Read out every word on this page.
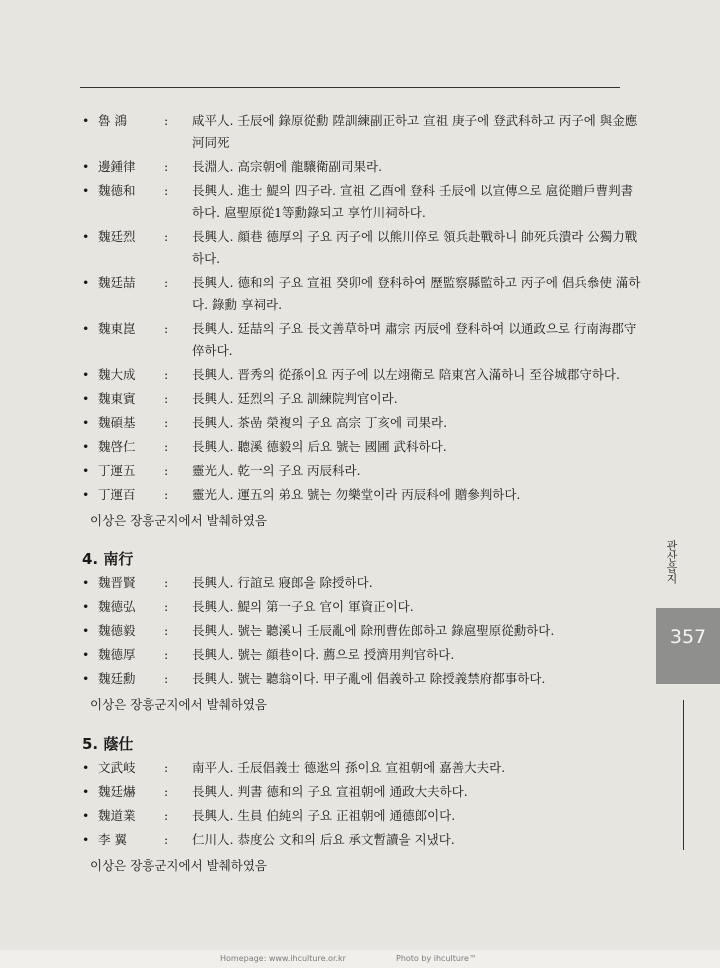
• 魯 鴻	: 咸平人. 壬辰에 錄原從勳 陞訓練副正하고 宣祖 庚子에 登武科하고 丙子에 與金應河同死
• 邊鍾律	: 長淵人. 高宗朝에 龍驤衛副司果라.
• 魏德和	: 長興人. 進士 鯷의 四子라. 宣祖 乙酉에 登科 壬辰에 以宣傳으로 扈從贈戶曹判書하다. 扈聖原從1等勳錄되고 享竹川祠하다.
• 魏廷烈	: 長興人. 顔巷 德厚의 子요 丙子에 以熊川倅로 領兵赴戰하니 帥死兵潰라 公獨力戰하다.
• 魏廷喆	: 長興人. 德和의 子요 宣祖 癸卯에 登科하여 歷監察縣監하고 丙子에 倡兵叅使 滿하다. 錄勳 享祠라.
• 魏東崑	: 長興人. 廷喆의 子요 長文善草하며 肅宗 丙辰에 登科하여 以通政으로 行南海郡守倅하다.
• 魏大成	: 長興人. 晋秀의 從孫이요 丙子에 以左翊衛로 陪東宮入滿하니 至谷城郡守하다.
• 魏東賓	: 長興人. 廷烈의 子요 訓練院判官이라.
• 魏碩基	: 長興人. 茶嵒 榮複의 子요 高宗 丁亥에 司果라.
• 魏啓仁	: 長興人. 聽溪 德毅의 后요 號는 國圃 武科하다.
• 丁運五	: 靈光人. 乾一의 子요 丙辰科라.
• 丁運百	: 靈光人. 運五의 弟요 號는 勿樂堂이라 丙辰科에 贈參判하다.

이상은 장흥군지에서 발췌하였음

4. 南行
• 魏晋賢	: 長興人. 行誼로 寢郎을 除授하다.
• 魏德弘	: 長興人. 鯷의 第一子요 官이 軍資正이다.
• 魏德毅	: 長興人. 號는 聽溪니 壬辰亂에 除刑曹佐郎하고 錄扈聖原從勳하다.
• 魏德厚	: 長興人. 號는 顔巷이다. 薦으로 授濟用判官하다.
• 魏廷勳	: 長興人. 號는 聽翁이다. 甲子亂에 倡義하고 除授義禁府都事하다.

이상은 장흥군지에서 발췌하였음

5. 蔭仕
• 文武岐	: 南平人. 壬辰倡義士 德逖의 孫이요 宣祖朝에 嘉善大夫라.
• 魏廷爀	: 長興人. 判書 德和의 子요 宣祖朝에 通政大夫하다.
• 魏道業	: 長興人. 生員 伯純의 子요 正祖朝에 通德郎이다.
• 李 翼	: 仁川人. 恭度公 文和의 后요 承文暫讀을 지냈다.

이상은 장흥군지에서 발췌하였음

관산읍지
357
Homepage: www.ihculture.or.kr	Photo by ihculture™
